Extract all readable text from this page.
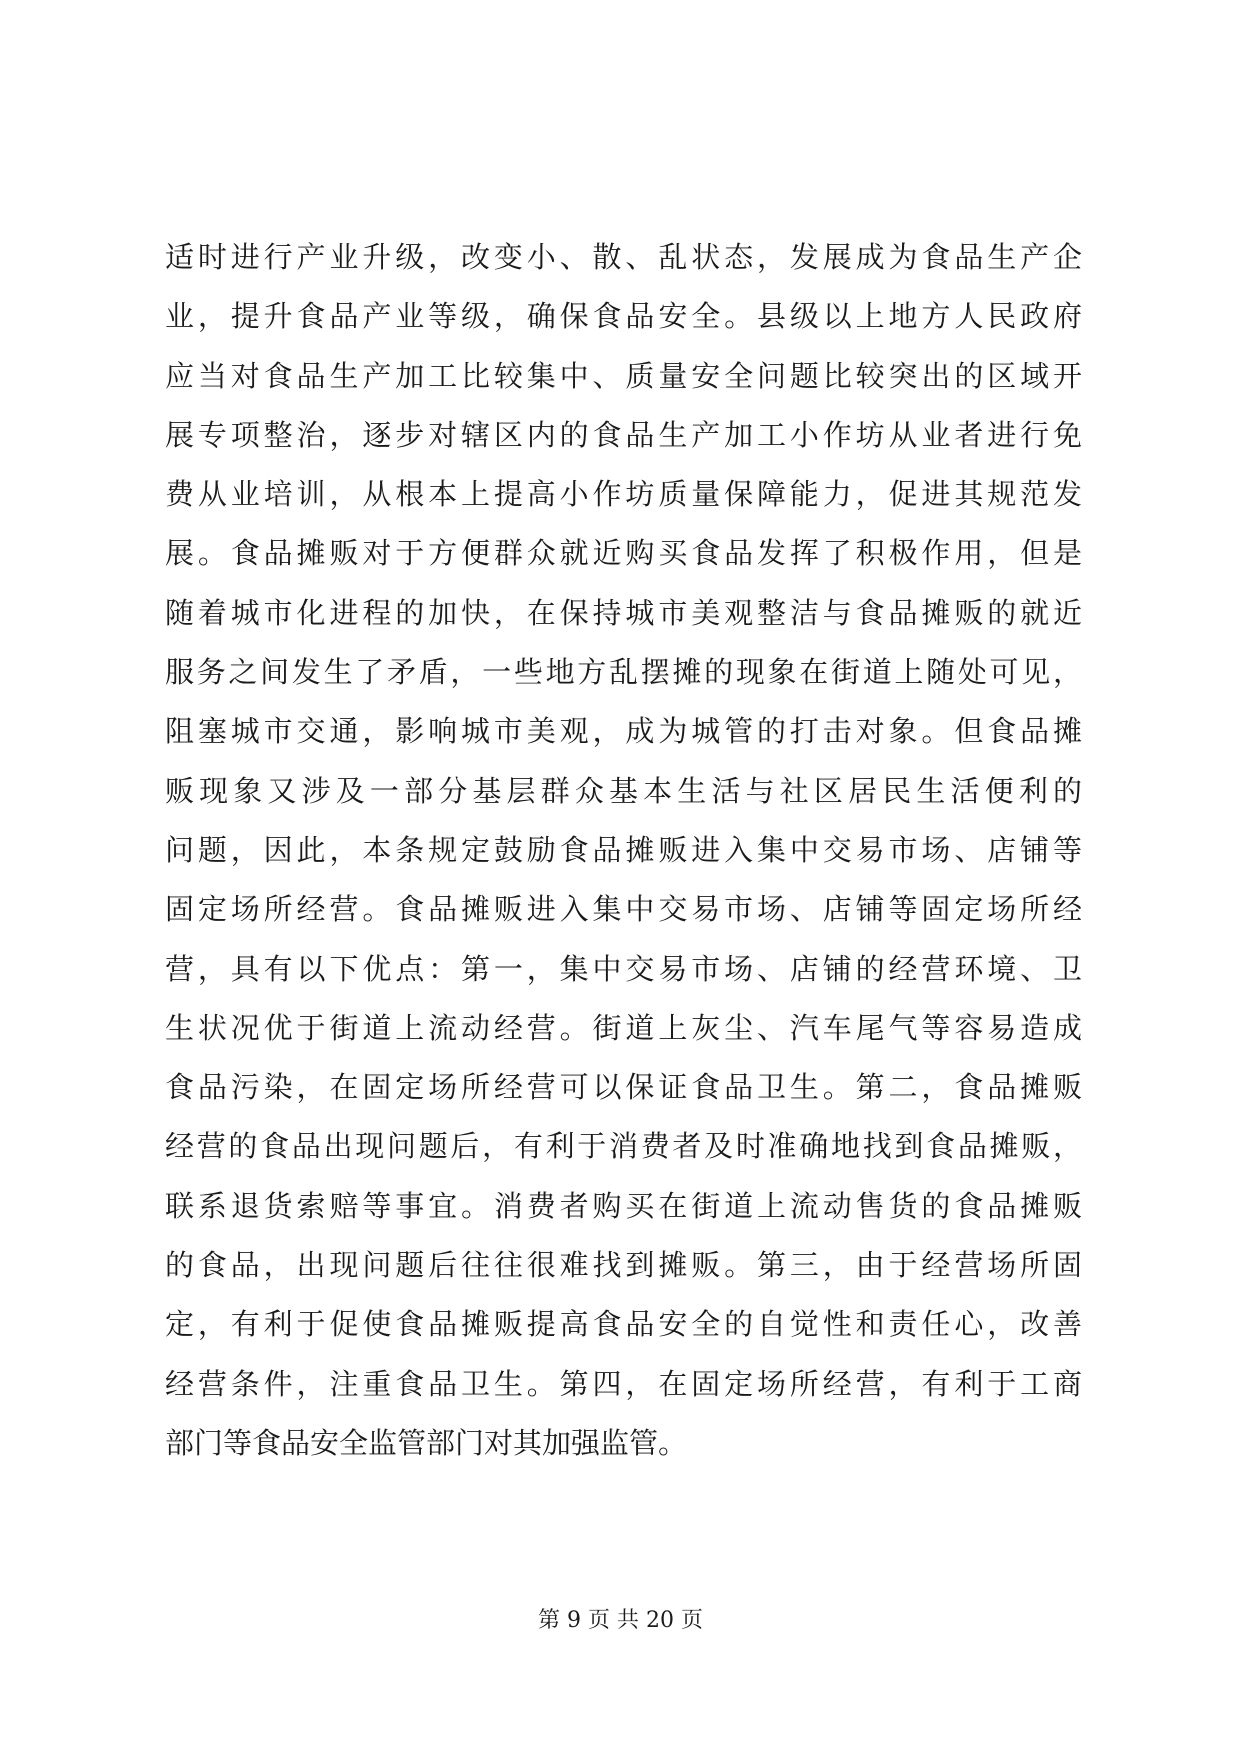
适时进行产业升级，改变小、散、乱状态，发展成为食品生产企
业，提升食品产业等级，确保食品安全。县级以上地方人民政府
应当对食品生产加工比较集中、质量安全问题比较突出的区域开
展专项整治，逐步对辖区内的食品生产加工小作坊从业者进行免
费从业培训，从根本上提高小作坊质量保障能力，促进其规范发
展。食品摊贩对于方便群众就近购买食品发挥了积极作用，但是
随着城市化进程的加快，在保持城市美观整洁与食品摊贩的就近
服务之间发生了矛盾，一些地方乱摆摊的现象在街道上随处可见，
阻塞城市交通，影响城市美观，成为城管的打击对象。但食品摊
贩现象又涉及一部分基层群众基本生活与社区居民生活便利的
问题，因此，本条规定鼓励食品摊贩进入集中交易市场、店铺等
固定场所经营。食品摊贩进入集中交易市场、店铺等固定场所经
营，具有以下优点：第一，集中交易市场、店铺的经营环境、卫
生状况优于街道上流动经营。街道上灰尘、汽车尾气等容易造成
食品污染，在固定场所经营可以保证食品卫生。第二，食品摊贩
经营的食品出现问题后，有利于消费者及时准确地找到食品摊贩，
联系退货索赔等事宜。消费者购买在街道上流动售货的食品摊贩
的食品，出现问题后往往很难找到摊贩。第三，由于经营场所固
定，有利于促使食品摊贩提高食品安全的自觉性和责任心，改善
经营条件，注重食品卫生。第四，在固定场所经营，有利于工商
部门等食品安全监管部门对其加强监管。
第 9 页 共 20 页
